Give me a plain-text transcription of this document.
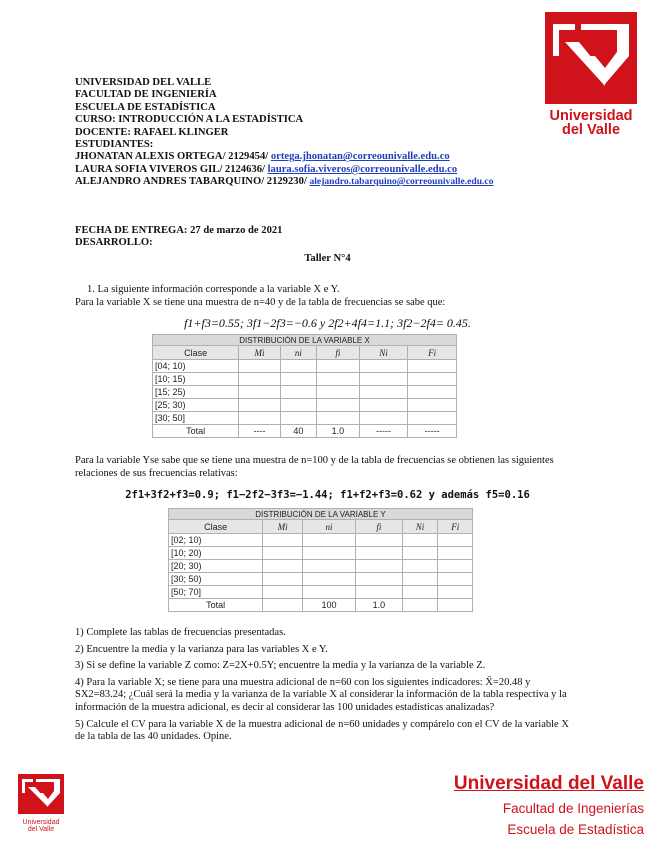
Universidad
del Valle
UNIVERSIDAD DEL VALLE
FACULTAD DE INGENIERÍA
ESCUELA DE ESTADÍSTICA
CURSO: INTRODUCCIÓN A LA ESTADÍSTICA
DOCENTE: RAFAEL KLINGER
ESTUDIANTES:
JHONATAN ALEXIS ORTEGA/ 2129454/ ortega.jhonatan@correounivalle.edu.co
LAURA SOFIA VIVEROS GIL/ 2124636/ laura.sofia.viveros@correounivalle.edu.co
ALEJANDRO ANDRES TABARQUINO/ 2129230/ alejandro.tabarquino@correounivalle.edu.co
FECHA DE ENTREGA: 27 de marzo de 2021
DESARROLLO:
Taller N°4
1. La siguiente información corresponde a la variable X e Y.
Para la variable X se tiene una muestra de n=40 y de la tabla de frecuencias se sabe que:
f1+f3=0.55; 3f1−2f3=−0.6 y 2f2+4f4=1.1; 3f2−2f4= 0.45.
DISTRIBUCIÓN DE LA VARIABLE X					
Clase	Mi	ni	fi	Ni	Fi
[04; 10)					
[10; 15)					
[15; 25)					
[25; 30)					
[30; 50]					
Total	----	40	1.0	-----	-----
Para la variable Yse sabe que se tiene una muestra de n=100 y de la tabla de frecuencias se obtienen las siguientes relaciones de sus frecuencias relativas:
2f1+3f2+f3=0.9; f1−2f2−3f3=−1.44; f1+f2+f3=0.62 y además f5=0.16
DISTRIBUCIÓN DE LA VARIABLE Y					
Clase	Mi	ni	fi	Ni	Fi
[02; 10)					
[10; 20)					
[20; 30)					
[30; 50)					
[50; 70]					
Total		100	1.0		
1) Complete las tablas de frecuencias presentadas.
2) Encuentre la media y la varianza para las variables X e Y.
3) Si se define la variable Z como: Z=2X+0.5Y; encuentre la media y la varianza de la variable Z.
4) Para la variable X; se tiene para una muestra adicional de n=60 con los siguientes indicadores: X̄=20.48 y SX2=83.24; ¿Cuál será la media y la varianza de la variable X al considerar la información de la tabla respectiva y la información de la muestra adicional, es decir al considerar las 100 unidades estadísticas analizadas?
5) Calcule el CV para la variable X de la muestra adicional de n=60 unidades y compárelo con el CV de la variable X de la tabla de las 40 unidades. Opine.
Universidad
del Valle
Universidad del Valle
Facultad de Ingenierías
Escuela de Estadística
